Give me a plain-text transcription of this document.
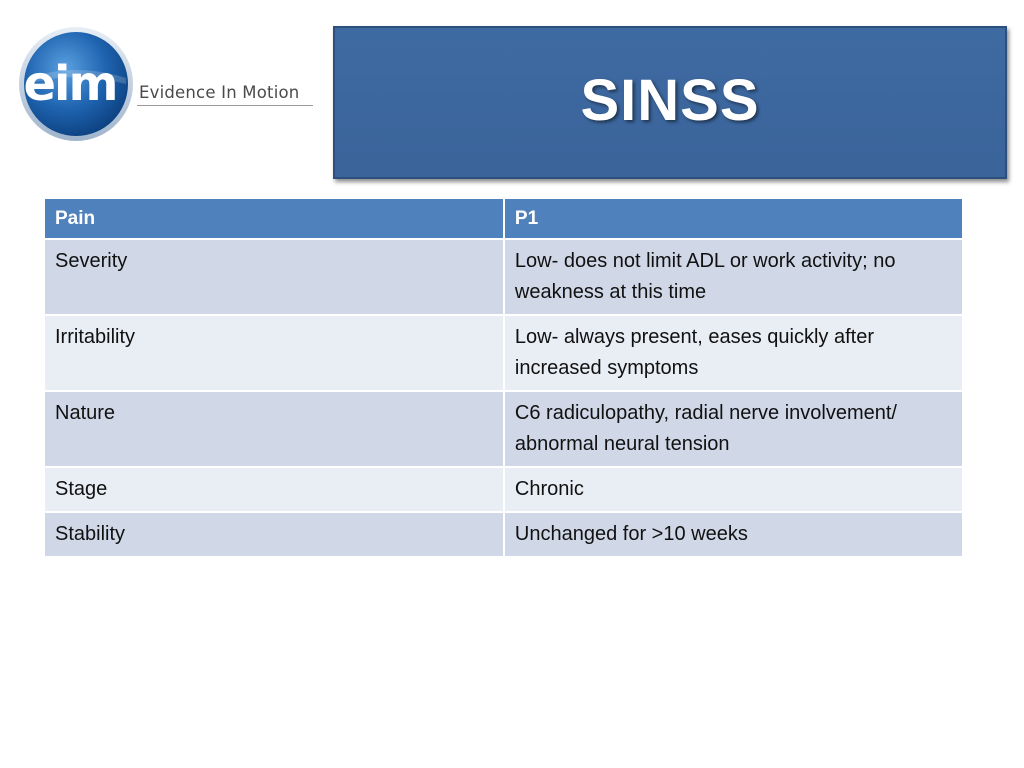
eim Evidence In Motion	SINSS
Pain	P1
Severity	Low- does not limit ADL or work activity; no weakness at this time
Irritability	Low- always present, eases quickly after increased symptoms
Nature	C6 radiculopathy, radial nerve involvement/ abnormal neural tension
Stage	Chronic
Stability	Unchanged for >10 weeks
